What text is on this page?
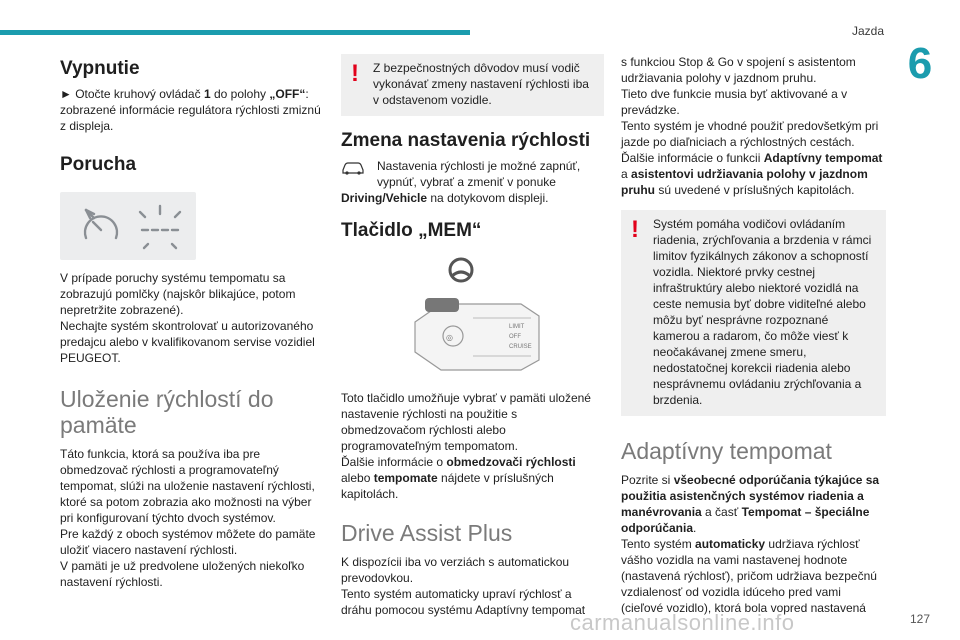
Jazda
6
Vypnutie

► Otočte kruhový ovládač 1 do polohy „OFF“: zobrazené informácie regulátora rýchlosti zmiznú z displeja.

Porucha

V prípade poruchy systému tempomatu sa zobrazujú pomlčky (najskôr blikajúce, potom nepretržite zobrazené).

Nechajte systém skontrolovať u autorizovaného predajcu alebo v kvalifikovanom servise vozidiel PEUGEOT.

Uloženie rýchlostí do pamäte

Táto funkcia, ktorá sa používa iba pre obmedzovač rýchlosti a programovateľný tempomat, slúži na uloženie nastavení rýchlosti, ktoré sa potom zobrazia ako možnosti na výber pri konfigurovaní týchto dvoch systémov.

Pre každý z oboch systémov môžete do pamäte uložiť viacero nastavení rýchlosti.

V pamäti je už predvolene uložených niekoľko nastavení rýchlosti.

!	Z bezpečnostných dôvodov musí vodič vykonávať zmeny nastavení rýchlosti iba v odstavenom vozidle.
Zmena nastavenia rýchlosti
Nastavenia rýchlosti je možné zapnúť, vypnúť, vybrať a zmeniť v ponuke
Driving/Vehicle na dotykovom displeji.
Tlačidlo „MEM“
◎
LIMIT
OFF
CRUISE

Toto tlačidlo umožňuje vybrať v pamäti uložené nastavenie rýchlosti na použitie s obmedzovačom rýchlosti alebo programovateľným tempomatom.

Ďalšie informácie o obmedzovači rýchlosti alebo tempomate nájdete v príslušných kapitolách.

Drive Assist Plus

K dispozícii iba vo verziách s automatickou prevodovkou.

Tento systém automaticky upraví rýchlosť a dráhu pomocou systému Adaptívny tempomat

s funkciou Stop & Go v spojení s asistentom udržiavania polohy v jazdnom pruhu.

Tieto dve funkcie musia byť aktivované a v prevádzke.

Tento systém je vhodné použiť predovšetkým pri jazde po diaľniciach a rýchlostných cestách. Ďalšie informácie o funkcii Adaptívny tempomat a asistentovi udržiavania polohy v jazdnom pruhu sú uvedené v príslušných kapitolách.

!	Systém pomáha vodičovi ovládaním riadenia, zrýchľovania a brzdenia v rámci limitov fyzikálnych zákonov a schopností vozidla. Niektoré prvky cestnej infraštruktúry alebo niektoré vozidlá na ceste nemusia byť dobre viditeľné alebo môžu byť nesprávne rozpoznané kamerou a radarom, čo môže viesť k neočakávanej zmene smeru, nedostatočnej korekcii riadenia alebo nesprávnemu ovládaniu zrýchľovania a brzdenia.
Adaptívny tempomat

Pozrite si všeobecné odporúčania týkajúce sa použitia asistenčných systémov riadenia a manévrovania a časť Tempomat – špeciálne odporúčania.

Tento systém automaticky udržiava rýchlosť vášho vozidla na vami nastavenej hodnote (nastavená rýchlosť), pričom udržiava bezpečnú vzdialenosť od vozidla idúceho pred vami (cieľové vozidlo), ktorá bola vopred nastavená

carmanualsonline.info	127
